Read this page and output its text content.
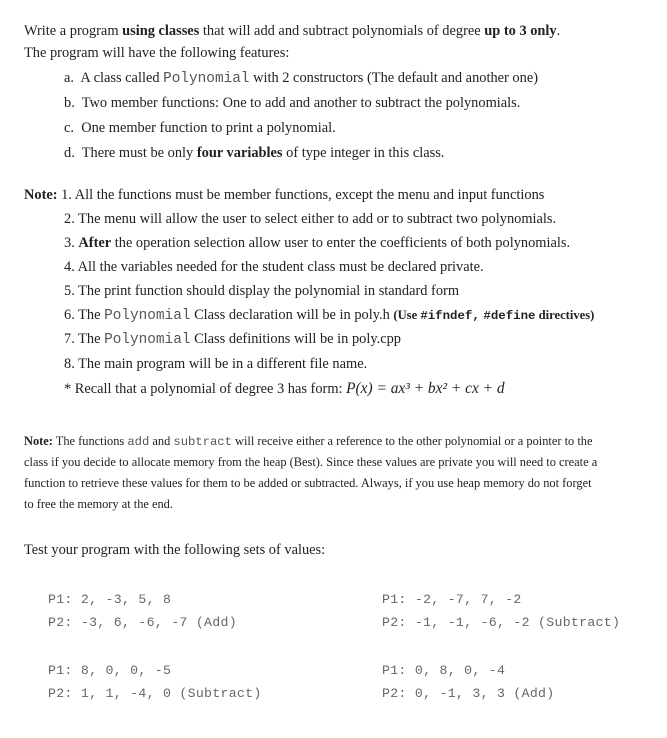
Write a program using classes that will add and subtract polynomials of degree up to 3 only.
The program will have the following features:
a. A class called Polynomial with 2 constructors (The default and another one)
b. Two member functions: One to add and another to subtract the polynomials.
c. One member function to print a polynomial.
d. There must be only four variables of type integer in this class.
Note: 1. All the functions must be member functions, except the menu and input functions
2. The menu will allow the user to select either to add or to subtract two polynomials.
3. After the operation selection allow user to enter the coefficients of both polynomials.
4. All the variables needed for the student class must be declared private.
5. The print function should display the polynomial in standard form
6. The Polynomial Class declaration will be in poly.h (Use #ifndef, #define directives)
7. The Polynomial Class definitions will be in poly.cpp
8. The main program will be in a different file name.
* Recall that a polynomial of degree 3 has form: P(x) = ax³ + bx² + cx + d
Note: The functions add and subtract will receive either a reference to the other polynomial or a pointer to the
class if you decide to allocate memory from the heap (Best). Since these values are private you will need to create a
function to retrieve these values for them to be added or subtracted. Always, if you use heap memory do not forget
to free the memory at the end.
Test your program with the following sets of values:
P1: 2, -3, 5, 8
P2: -3, 6, -6, -7 (Add)
P1: -2, -7, 7, -2
P2: -1, -1, -6, -2 (Subtract)
P1: 8, 0, 0, -5
P2: 1, 1, -4, 0 (Subtract)
P1: 0, 8, 0, -4
P2: 0, -1, 3, 3 (Add)
